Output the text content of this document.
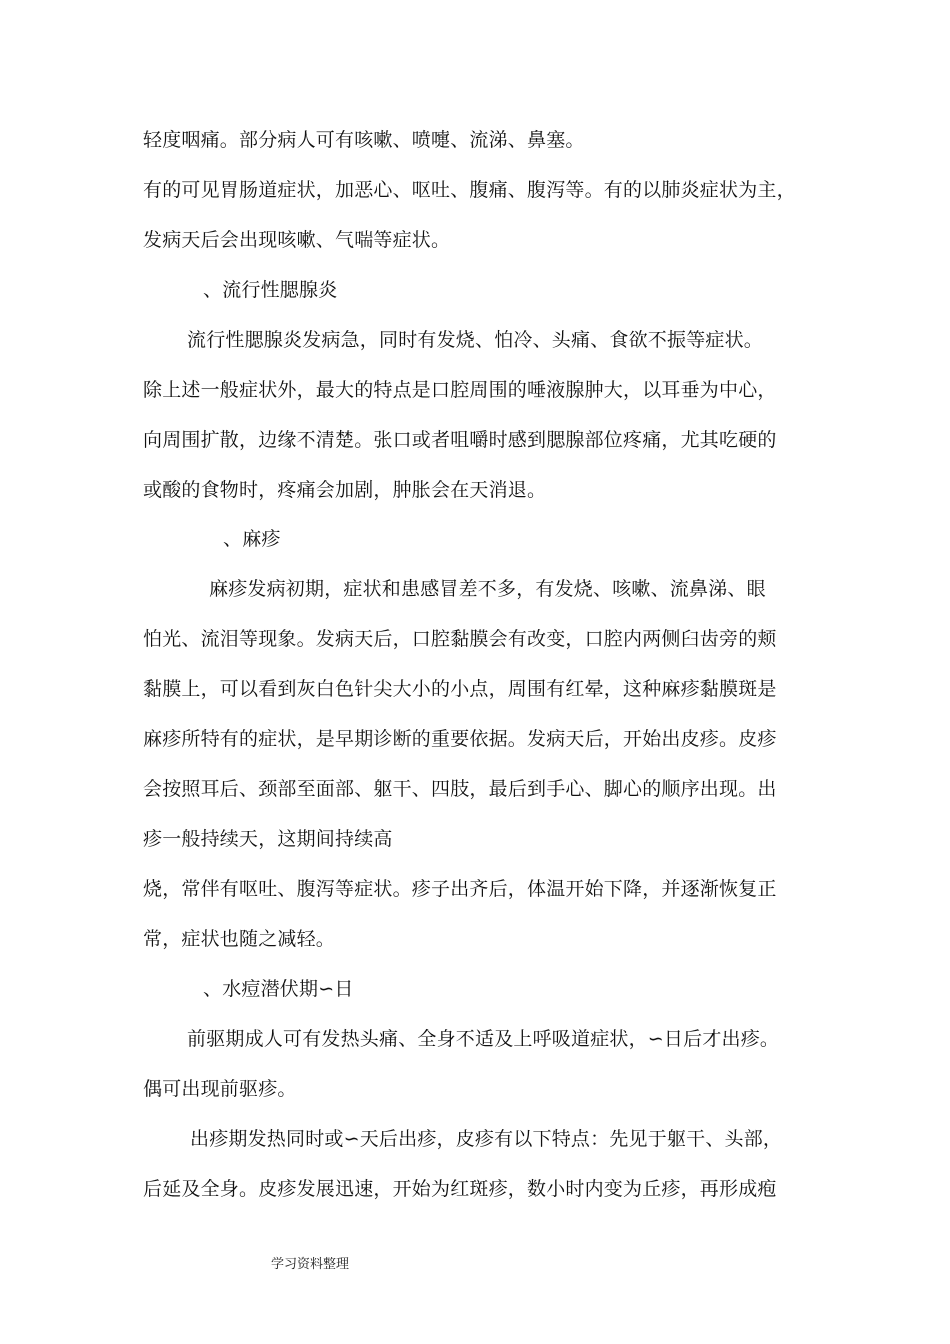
轻度咽痛。部分病人可有咳嗽、喷嚏、流涕、鼻塞。
有的可见胃肠道症状，加恶心、呕吐、腹痛、腹泻等。有的以肺炎症状为主，
发病天后会出现咳嗽、气喘等症状。
、流行性腮腺炎
流行性腮腺炎发病急，同时有发烧、怕冷、头痛、食欲不振等症状。
除上述一般症状外，最大的特点是口腔周围的唾液腺肿大，以耳垂为中心，
向周围扩散，边缘不清楚。张口或者咀嚼时感到腮腺部位疼痛，尤其吃硬的
或酸的食物时，疼痛会加剧，肿胀会在天消退。
、麻疹
麻疹发病初期，症状和患感冒差不多，有发烧、咳嗽、流鼻涕、眼
怕光、流泪等现象。发病天后，口腔黏膜会有改变，口腔内两侧臼齿旁的颊
黏膜上，可以看到灰白色针尖大小的小点，周围有红晕，这种麻疹黏膜斑是
麻疹所特有的症状，是早期诊断的重要依据。发病天后，开始出皮疹。皮疹
会按照耳后、颈部至面部、躯干、四肢，最后到手心、脚心的顺序出现。出
疹一般持续天，这期间持续高
烧，常伴有呕吐、腹泻等症状。疹子出齐后，体温开始下降，并逐渐恢复正
常，症状也随之减轻。
、水痘潜伏期∽日
前驱期成人可有发热头痛、全身不适及上呼吸道症状，∽日后才出疹。
偶可出现前驱疹。
出疹期发热同时或∽天后出疹，皮疹有以下特点：先见于躯干、头部，
后延及全身。皮疹发展迅速，开始为红斑疹，数小时内变为丘疹，再形成疱
学习资料整理
